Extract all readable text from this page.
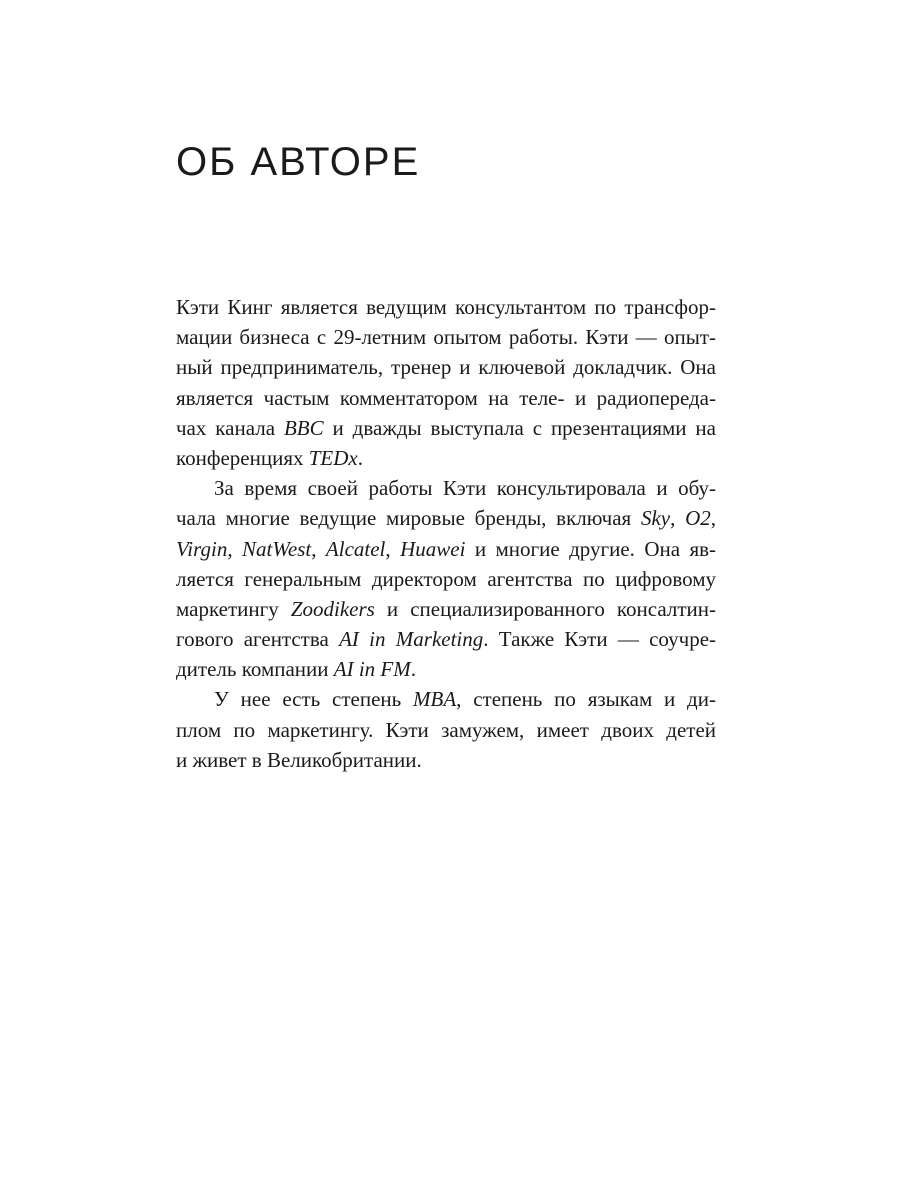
ОБ АВТОРЕ
Кэти Кинг является ведущим консультантом по трансфор-
мации бизнеса с 29-летним опытом работы. Кэти — опыт-
ный предприниматель, тренер и ключевой докладчик. Она
является частым комментатором на теле- и радиопереда-
чах канала BBC и дважды выступала с презентациями на
конференциях TEDx.
За время своей работы Кэти консультировала и обу-
чала многие ведущие мировые бренды, включая Sky, O2,
Virgin, NatWest, Alcatel, Huawei и многие другие. Она яв-
ляется генеральным директором агентства по цифровому
маркетингу Zoodikers и специализированного консалтин-
гового агентства AI in Marketing. Также Кэти — соучре-
дитель компании AI in FM.
У нее есть степень MBA, степень по языкам и ди-
плом по маркетингу. Кэти замужем, имеет двоих детей
и живет в Великобритании.
